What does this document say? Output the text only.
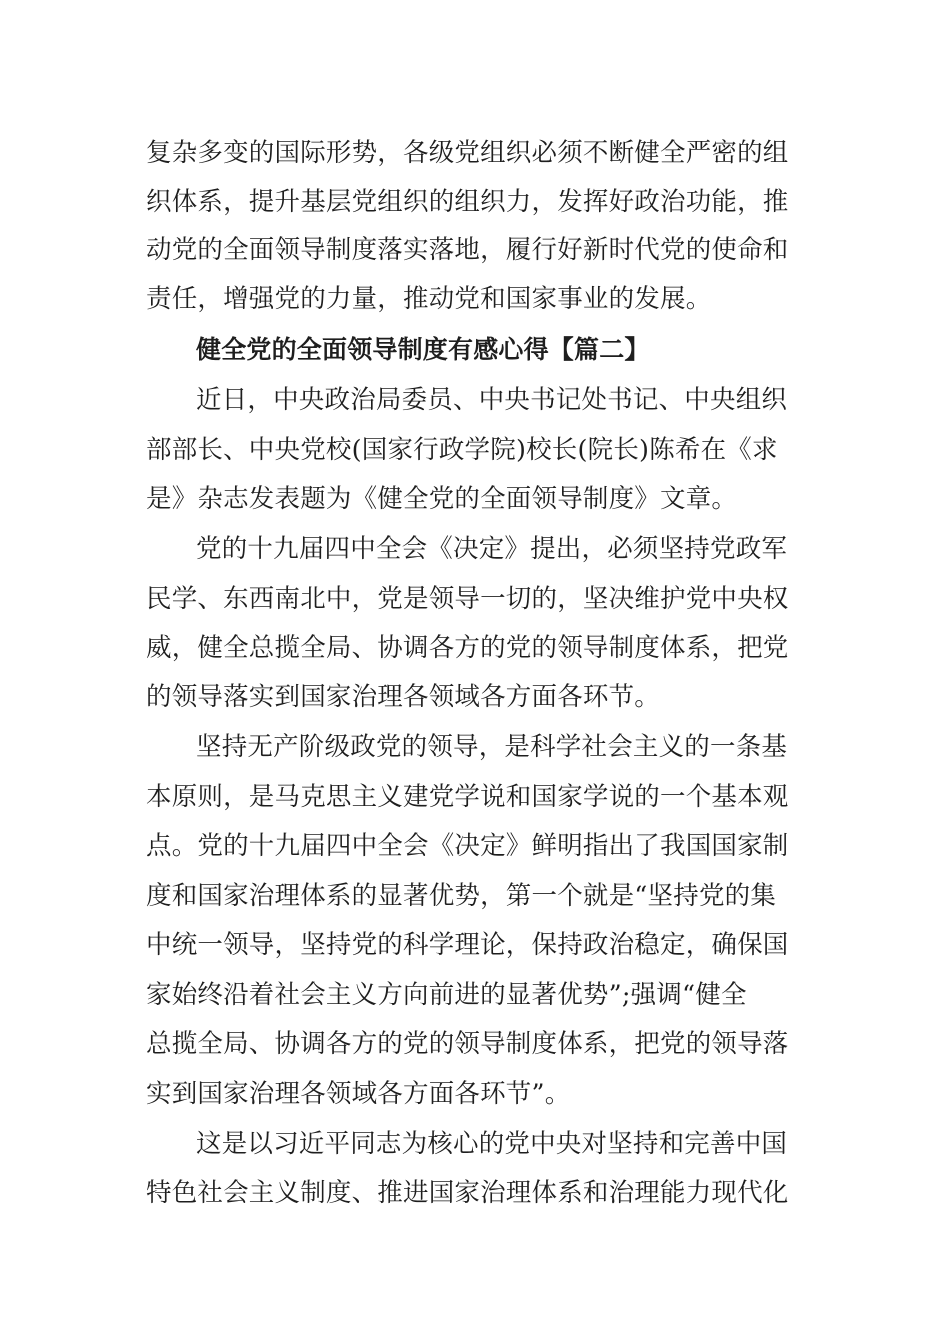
复杂多变的国际形势，各级党组织必须不断健全严密的组
织体系，提升基层党组织的组织力，发挥好政治功能，推
动党的全面领导制度落实落地，履行好新时代党的使命和
责任，增强党的力量，推动党和国家事业的发展。
健全党的全面领导制度有感心得【篇二】
近日，中央政治局委员、中央书记处书记、中央组织
部部长、中央党校(国家行政学院)校长(院长)陈希在《求
是》杂志发表题为《健全党的全面领导制度》文章。
党的十九届四中全会《决定》提出，必须坚持党政军
民学、东西南北中，党是领导一切的，坚决维护党中央权
威，健全总揽全局、协调各方的党的领导制度体系，把党
的领导落实到国家治理各领域各方面各环节。
坚持无产阶级政党的领导，是科学社会主义的一条基
本原则，是马克思主义建党学说和国家学说的一个基本观
点。党的十九届四中全会《决定》鲜明指出了我国国家制
度和国家治理体系的显著优势，第一个就是“坚持党的集
中统一领导，坚持党的科学理论，保持政治稳定，确保国
家始终沿着社会主义方向前进的显著优势”;强调“健全
总揽全局、协调各方的党的领导制度体系，把党的领导落
实到国家治理各领域各方面各环节”。
这是以习近平同志为核心的党中央对坚持和完善中国
特色社会主义制度、推进国家治理体系和治理能力现代化
